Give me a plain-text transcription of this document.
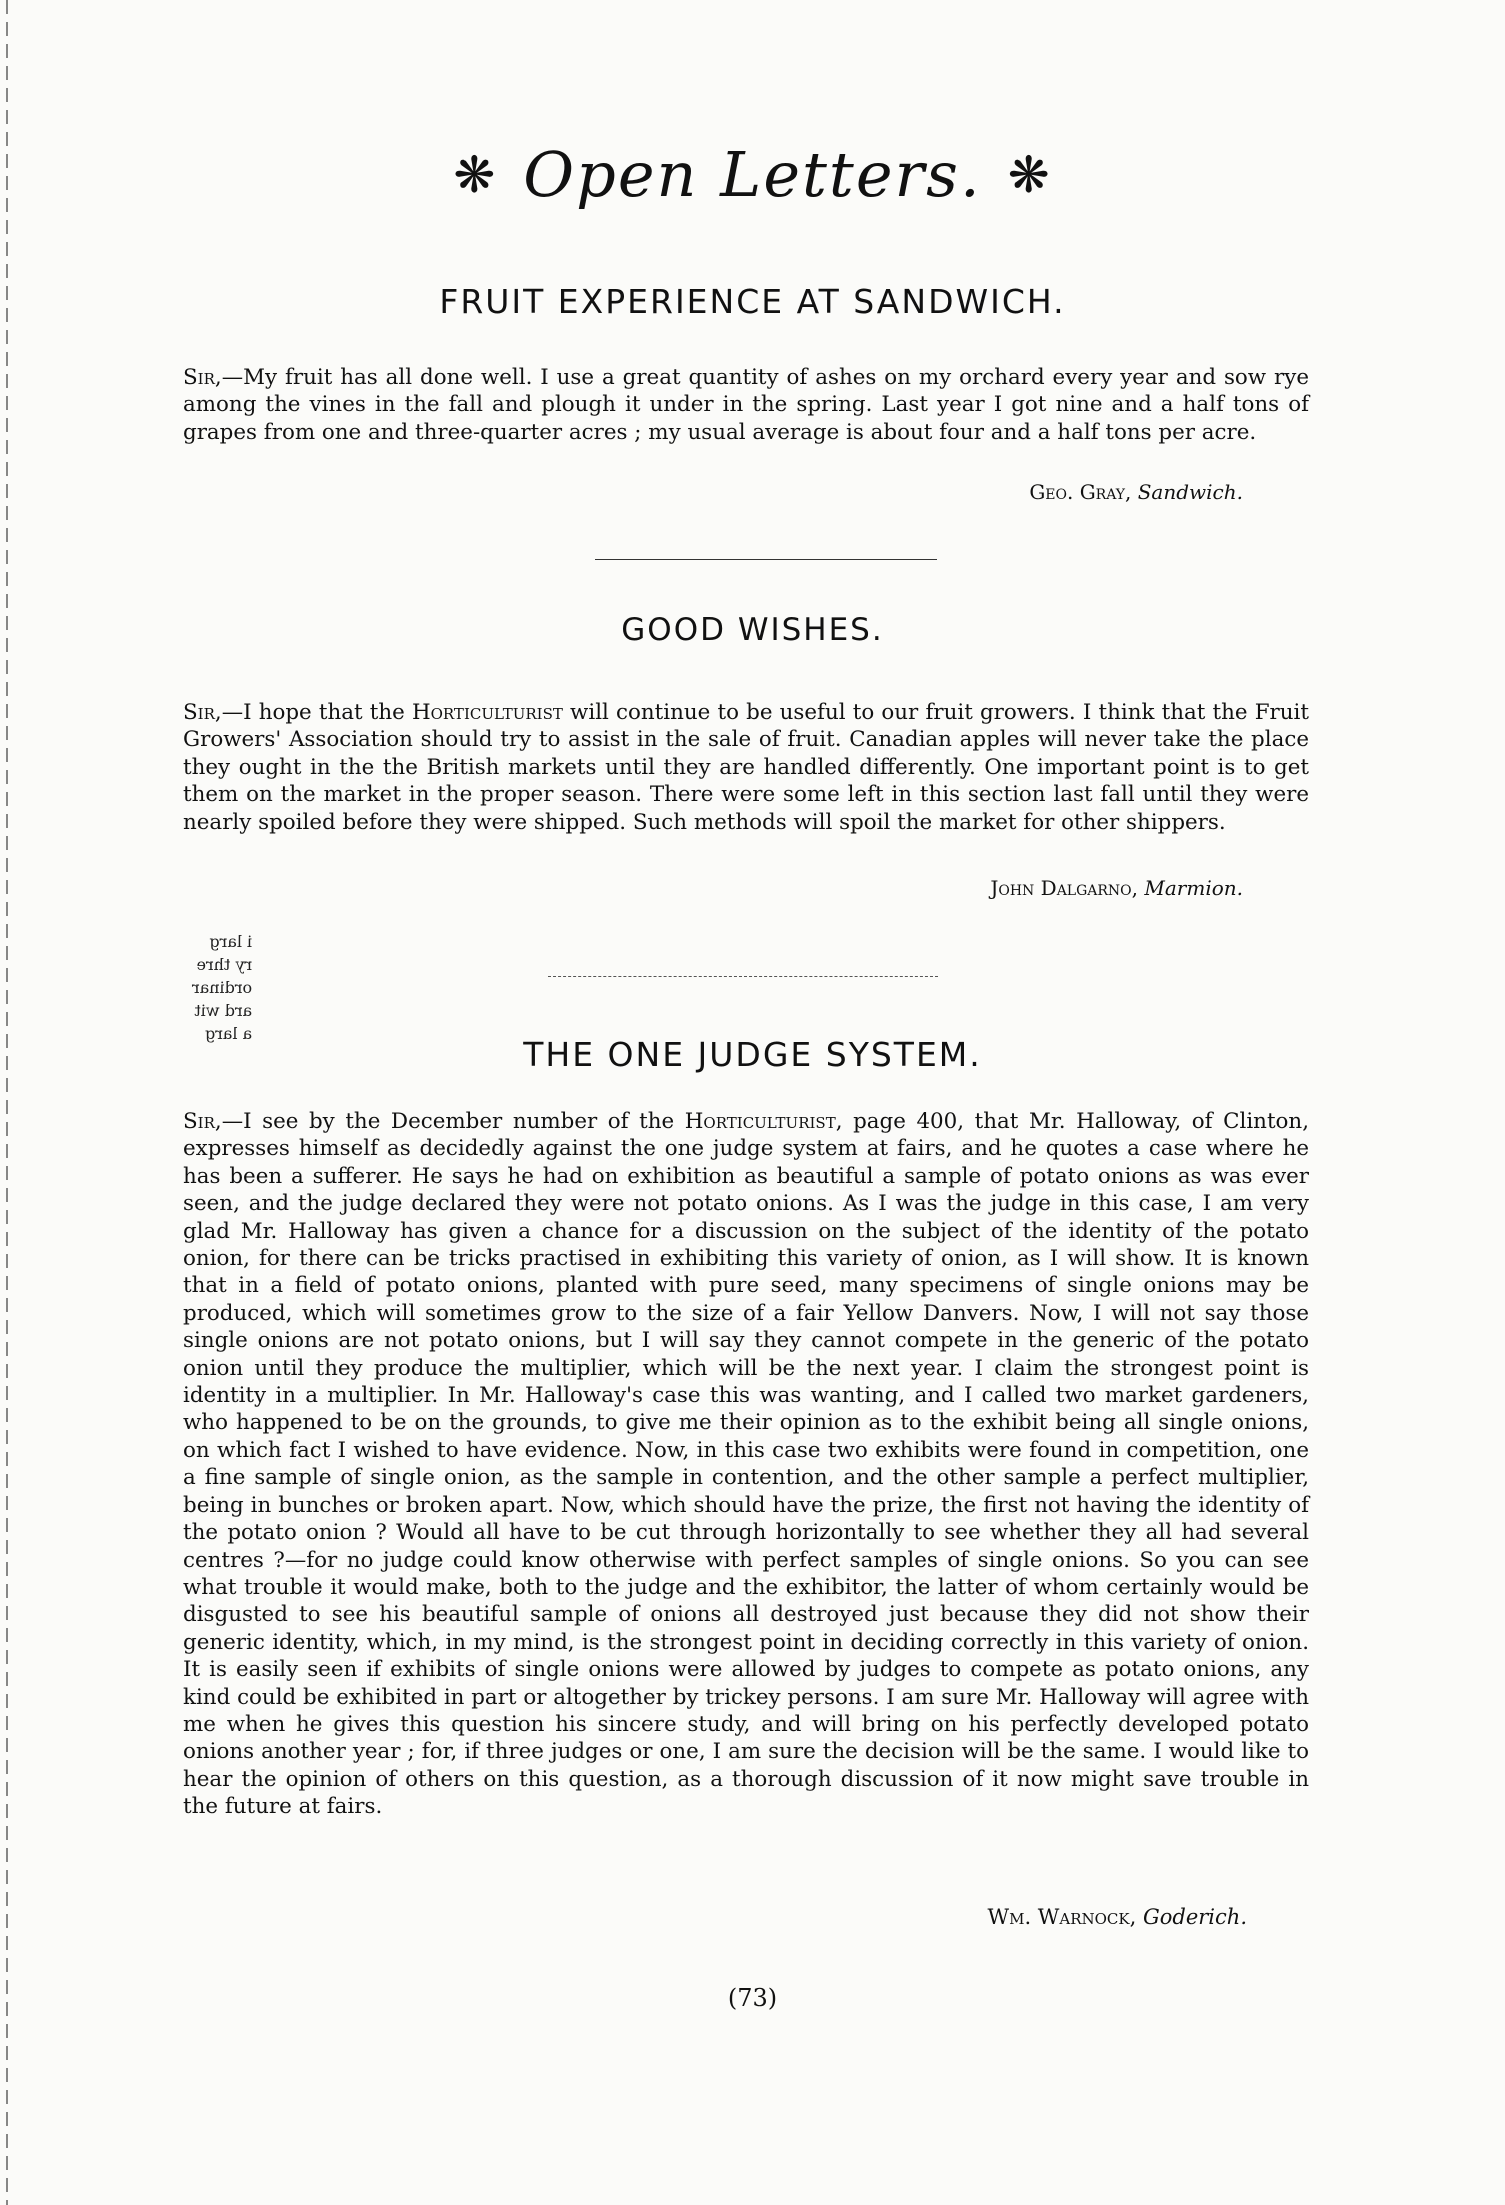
❋ Open Letters. ❋
FRUIT EXPERIENCE AT SANDWICH.

Sir,—My fruit has all done well. I use a great quantity of ashes on my orchard every year and sow rye among the vines in the fall and plough it under in the spring. Last year I got nine and a half tons of grapes from one and three-quarter acres ; my usual average is about four and a half tons per acre.

Geo. Gray, Sandwich.
GOOD WISHES.

Sir,—I hope that the Horticulturist will continue to be useful to our fruit growers. I think that the Fruit Growers' Association should try to assist in the sale of fruit. Canadian apples will never take the place they ought in the the British markets until they are handled differently. One important point is to get them on the market in the proper season. There were some left in this section last fall until they were nearly spoiled before they were shipped. Such methods will spoil the market for other shippers.

John Dalgarno, Marmion.
i larg
ry thre
ordinar
ard wit
a larg
THE ONE JUDGE SYSTEM.

Sir,—I see by the December number of the Horticulturist, page 400, that Mr. Halloway, of Clinton, expresses himself as decidedly against the one judge system at fairs, and he quotes a case where he has been a sufferer. He says he had on exhibition as beautiful a sample of potato onions as was ever seen, and the judge declared they were not potato onions. As I was the judge in this case, I am very glad Mr. Halloway has given a chance for a discussion on the subject of the identity of the potato onion, for there can be tricks practised in exhibiting this variety of onion, as I will show. It is known that in a field of potato onions, planted with pure seed, many specimens of single onions may be produced, which will sometimes grow to the size of a fair Yellow Danvers. Now, I will not say those single onions are not potato onions, but I will say they cannot compete in the generic of the potato onion until they produce the multiplier, which will be the next year. I claim the strongest point is identity in a multiplier. In Mr. Halloway's case this was wanting, and I called two market gardeners, who happened to be on the grounds, to give me their opinion as to the exhibit being all single onions, on which fact I wished to have evidence. Now, in this case two exhibits were found in competition, one a fine sample of single onion, as the sample in contention, and the other sample a perfect multiplier, being in bunches or broken apart. Now, which should have the prize, the first not having the identity of the potato onion ? Would all have to be cut through horizontally to see whether they all had several centres ?—for no judge could know otherwise with perfect samples of single onions. So you can see what trouble it would make, both to the judge and the exhibitor, the latter of whom certainly would be disgusted to see his beautiful sample of onions all destroyed just because they did not show their generic identity, which, in my mind, is the strongest point in deciding correctly in this variety of onion. It is easily seen if exhibits of single onions were allowed by judges to compete as potato onions, any kind could be exhibited in part or altogether by trickey persons. I am sure Mr. Halloway will agree with me when he gives this question his sincere study, and will bring on his perfectly developed potato onions another year ; for, if three judges or one, I am sure the decision will be the same. I would like to hear the opinion of others on this question, as a thorough discussion of it now might save trouble in the future at fairs.

Wm. Warnock, Goderich.
(73)
